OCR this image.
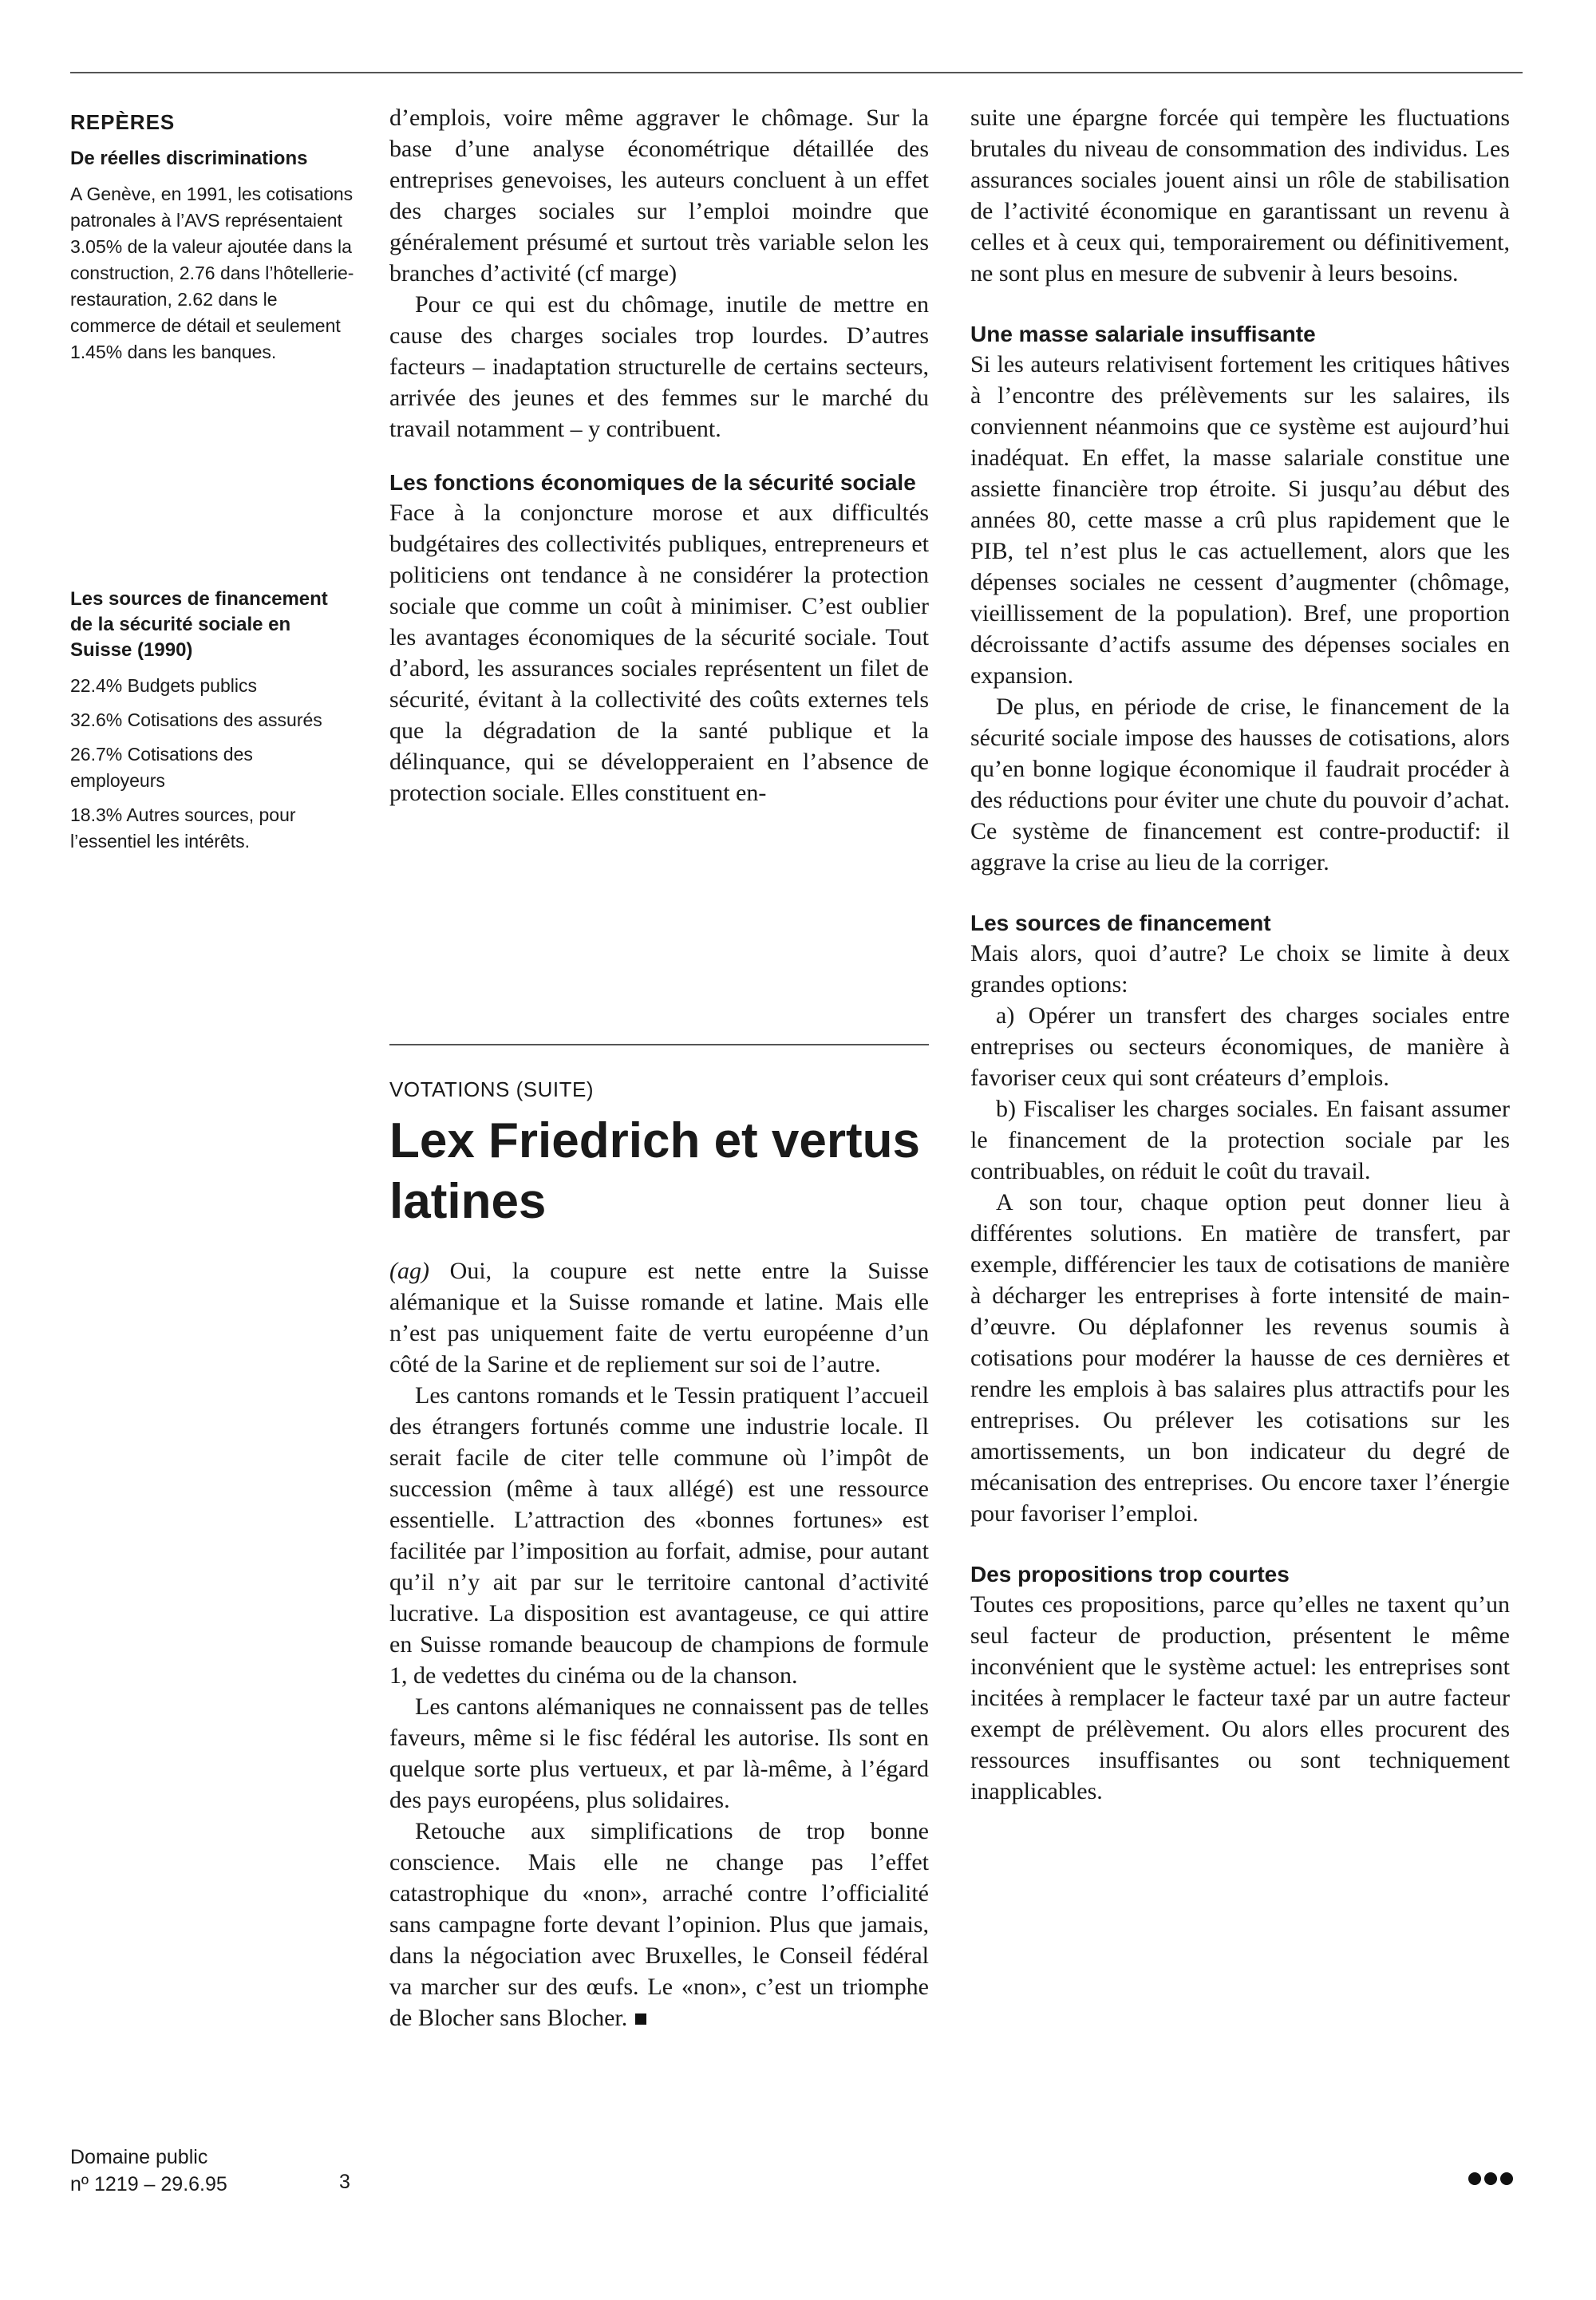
REPÈRES
De réelles discriminations

A Genève, en 1991, les cotisations patronales à l’AVS représentaient 3.05% de la valeur ajoutée dans la construction, 2.76 dans l’hôtellerie-restauration, 2.62 dans le commerce de détail et seulement 1.45% dans les banques.

Les sources de financement de la sécurité sociale en Suisse (1990)

22.4% Budgets publics

32.6% Cotisations des assurés

26.7% Cotisations des employeurs

18.3% Autres sources, pour l’essentiel les intérêts.

d’emplois, voire même aggraver le chômage. Sur la base d’une analyse économétrique détaillée des entreprises genevoises, les auteurs concluent à un effet des charges sociales sur l’emploi moindre que généralement présumé et surtout très variable selon les branches d’activité (cf marge)

Pour ce qui est du chômage, inutile de mettre en cause des charges sociales trop lourdes. D’autres facteurs – inadaptation structurelle de certains secteurs, arrivée des jeunes et des femmes sur le marché du travail notamment – y contribuent.

Les fonctions économiques de la sécurité sociale

Face à la conjoncture morose et aux difficultés budgétaires des collectivités publiques, entrepreneurs et politiciens ont tendance à ne considérer la protection sociale que comme un coût à minimiser. C’est oublier les avantages économiques de la sécurité sociale. Tout d’abord, les assurances sociales représentent un filet de sécurité, évitant à la collectivité des coûts externes tels que la dégradation de la santé publique et la délinquance, qui se développeraient en l’absence de protection sociale. Elles constituent en-

VOTATIONS (SUITE)
Lex Friedrich et vertus latines

(ag) Oui, la coupure est nette entre la Suisse alémanique et la Suisse romande et latine. Mais elle n’est pas uniquement faite de vertu européenne d’un côté de la Sarine et de repliement sur soi de l’autre.

Les cantons romands et le Tessin pratiquent l’accueil des étrangers fortunés comme une industrie locale. Il serait facile de citer telle commune où l’impôt de succession (même à taux allégé) est une ressource essentielle. L’attraction des «bonnes fortunes» est facilitée par l’imposition au forfait, admise, pour autant qu’il n’y ait par sur le territoire cantonal d’activité lucrative. La disposition est avantageuse, ce qui attire en Suisse romande beaucoup de champions de formule 1, de vedettes du cinéma ou de la chanson.

Les cantons alémaniques ne connaissent pas de telles faveurs, même si le fisc fédéral les autorise. Ils sont en quelque sorte plus vertueux, et par là-même, à l’égard des pays européens, plus solidaires.

Retouche aux simplifications de trop bonne conscience. Mais elle ne change pas l’effet catastrophique du «non», arraché contre l’officialité sans campagne forte devant l’opinion. Plus que jamais, dans la négociation avec Bruxelles, le Conseil fédéral va marcher sur des œufs. Le «non», c’est un triomphe de Blocher sans Blocher.

suite une épargne forcée qui tempère les fluctuations brutales du niveau de consommation des individus. Les assurances sociales jouent ainsi un rôle de stabilisation de l’activité économique en garantissant un revenu à celles et à ceux qui, temporairement ou définitivement, ne sont plus en mesure de subvenir à leurs besoins.

Une masse salariale insuffisante

Si les auteurs relativisent fortement les critiques hâtives à l’encontre des prélèvements sur les salaires, ils conviennent néanmoins que ce système est aujourd’hui inadéquat. En effet, la masse salariale constitue une assiette financière trop étroite. Si jusqu’au début des années 80, cette masse a crû plus rapidement que le PIB, tel n’est plus le cas actuellement, alors que les dépenses sociales ne cessent d’augmenter (chômage, vieillissement de la population). Bref, une proportion décroissante d’actifs assume des dépenses sociales en expansion.

De plus, en période de crise, le financement de la sécurité sociale impose des hausses de cotisations, alors qu’en bonne logique économique il faudrait procéder à des réductions pour éviter une chute du pouvoir d’achat. Ce système de financement est contre-productif: il aggrave la crise au lieu de la corriger.

Les sources de financement

Mais alors, quoi d’autre? Le choix se limite à deux grandes options:

a) Opérer un transfert des charges sociales entre entreprises ou secteurs économiques, de manière à favoriser ceux qui sont créateurs d’emplois.

b) Fiscaliser les charges sociales. En faisant assumer le financement de la protection sociale par les contribuables, on réduit le coût du travail.

A son tour, chaque option peut donner lieu à différentes solutions. En matière de transfert, par exemple, différencier les taux de cotisations de manière à décharger les entreprises à forte intensité de main-d’œuvre. Ou déplafonner les revenus soumis à cotisations pour modérer la hausse de ces dernières et rendre les emplois à bas salaires plus attractifs pour les entreprises. Ou prélever les cotisations sur les amortissements, un bon indicateur du degré de mécanisation des entreprises. Ou encore taxer l’énergie pour favoriser l’emploi.

Des propositions trop courtes

Toutes ces propositions, parce qu’elles ne taxent qu’un seul facteur de production, présentent le même inconvénient que le système actuel: les entreprises sont incitées à remplacer le facteur taxé par un autre facteur exempt de prélèvement. Ou alors elles procurent des ressources insuffisantes ou sont techniquement inapplicables.

Domaine public
nº 1219 – 29.6.95	3
